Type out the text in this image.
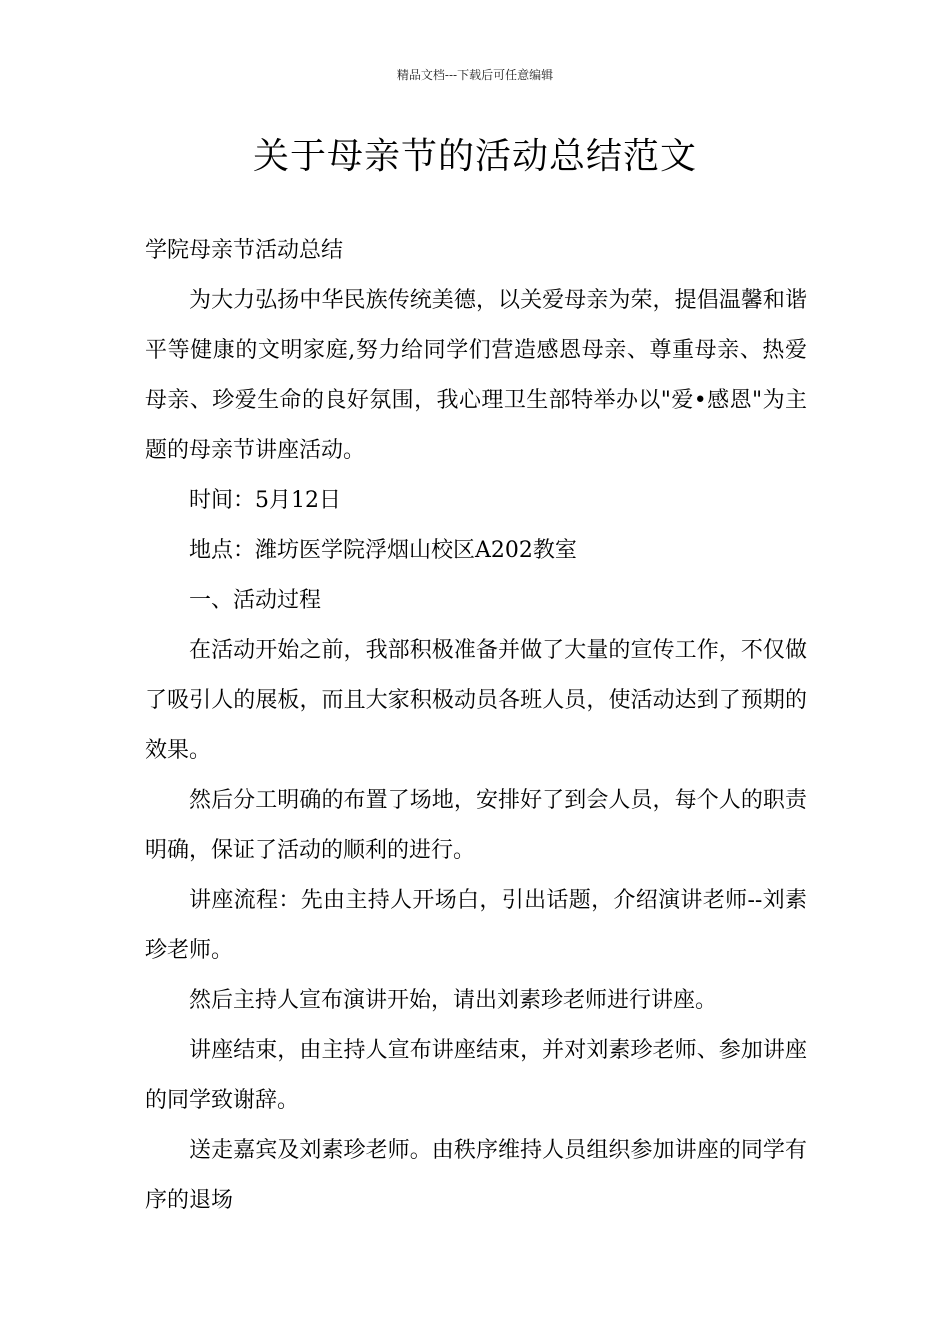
精品文档---下载后可任意编辑
关于母亲节的活动总结范文

学院母亲节活动总结

为大力弘扬中华民族传统美德，以关爱母亲为荣，提倡温馨和谐平等健康的文明家庭,努力给同学们营造感恩母亲、尊重母亲、热爱母亲、珍爱生命的良好氛围，我心理卫生部特举办以"爱•感恩"为主题的母亲节讲座活动。

时间：5月12日

地点：潍坊医学院浮烟山校区A202教室

一、活动过程

在活动开始之前，我部积极准备并做了大量的宣传工作，不仅做了吸引人的展板，而且大家积极动员各班人员，使活动达到了预期的效果。

然后分工明确的布置了场地，安排好了到会人员，每个人的职责明确，保证了活动的顺利的进行。

讲座流程：先由主持人开场白，引出话题，介绍演讲老师--刘素珍老师。

然后主持人宣布演讲开始，请出刘素珍老师进行讲座。

讲座结束，由主持人宣布讲座结束，并对刘素珍老师、参加讲座的同学致谢辞。

送走嘉宾及刘素珍老师。由秩序维持人员组织参加讲座的同学有序的退场
